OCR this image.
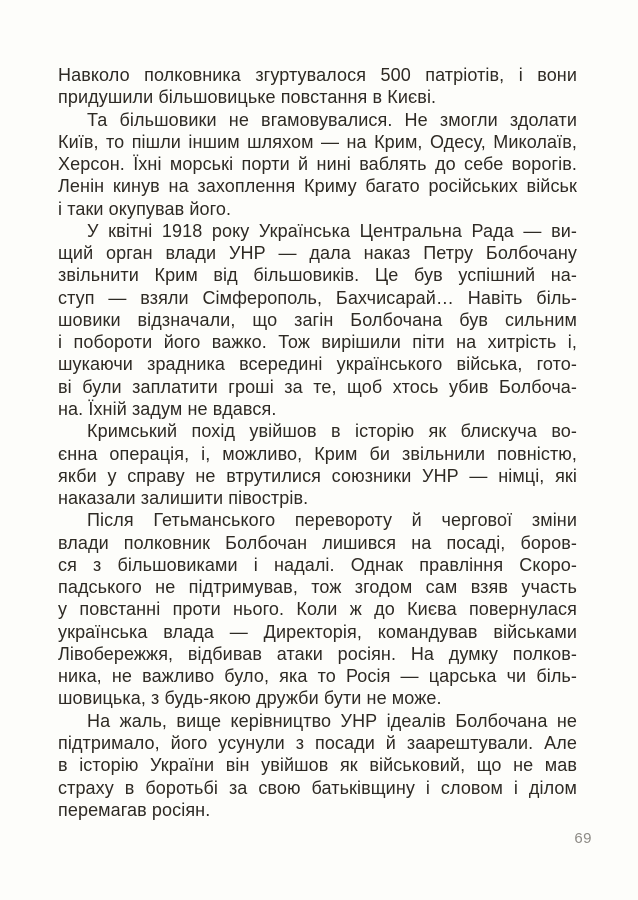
Навколо полковника згуртувалося 500 патріотів, і вони
придушили більшовицьке повстання в Києві.
Та більшовики не вгамовувалися. Не змогли здолати
Київ, то пішли іншим шляхом — на Крим, Одесу, Миколаїв,
Херсон. Їхні морські порти й нині ваблять до себе ворогів.
Ленін кинув на захоплення Криму багато російських військ
і таки окупував його.
У квітні 1918 року Українська Центральна Рада — ви-
щий орган влади УНР — дала наказ Петру Болбочану
звільнити Крим від більшовиків. Це був успішний на-
ступ — взяли Сімферополь, Бахчисарай… Навіть біль-
шовики відзначали, що загін Болбочана був сильним
і побороти його важко. Тож вирішили піти на хитрість і,
шукаючи зрадника всередині українського війська, гото-
ві були заплатити гроші за те, щоб хтось убив Болбоча-
на. Їхній задум не вдався.
Кримський похід увійшов в історію як блискуча во-
єнна операція, і, можливо, Крим би звільнили повністю,
якби у справу не втрутилися союзники УНР — німці, які
наказали залишити півострів.
Після Гетьманського перевороту й чергової зміни
влади полковник Болбочан лишився на посаді, боров-
ся з більшовиками і надалі. Однак правління Скоро-
падського не підтримував, тож згодом сам взяв участь
у повстанні проти нього. Коли ж до Києва повернулася
українська влада — Директорія, командував військами
Лівобережжя, відбивав атаки росіян. На думку полков-
ника, не важливо було, яка то Росія — царська чи біль-
шовицька, з будь-якою дружби бути не може.
На жаль, вище керівництво УНР ідеалів Болбочана не
підтримало, його усунули з посади й заарештували. Але
в історію України він увійшов як військовий, що не мав
страху в боротьбі за свою батьківщину і словом і ділом
перемагав росіян.
69
